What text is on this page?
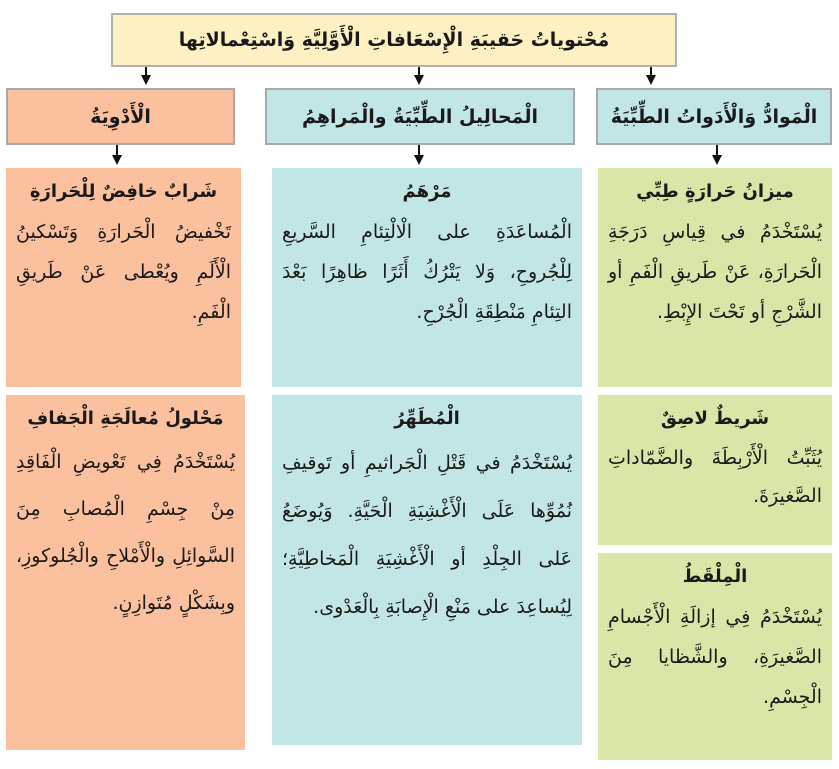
مُحْتوياتُ حَقيبَةِ الْإِسْعَافاتِ الْأَوَّلِيَّةِ وَاسْتِعْمالاتِها
الْأَدْوِيَةُ	الْمَحالِيلُ الطِّبِّيَةُ والْمَراهِمُ	الْمَوادُّ وَالْأَدَواتُ الطِّبِّيَةُ
شَرابٌ خافِضٌ لِلْحَرارَةِ
تَخْفيضُ الْحَرارَةِ وَتَسْكينُ الْأَلَمِ ويُعْطى عَنْ طَريقِ الْفَمِ.
مَحْلولُ مُعالَجَةِ الْجَفافِ
يُسْتَخْدَمُ فِي تَعْويضِ الْفَاقِدِ مِنْ جِسْمِ الْمُصابِ مِنَ السَّوائِلِ والْأَمْلاحِ والْجُلوكوزِ، وبِشَكْلٍ مُتَوازِنٍ.
مَرْهَمُ
الْمُساعَدَةِ على الْالْتِئامِ السَّريعِ لِلْجُروحِ، وَلا يَتْرُكُ أَثَرًا ظاهِرًا بَعْدَ التِئامِ مَنْطِقَةِ الْجُرْحِ.
الْمُطَهِّرُ
يُسْتَخْدَمُ في قَتْلِ الْجَراثيمِ أو تَوقيفِ نُمُوِّها عَلَى الْأَغْشِيَةِ الْحَيَّةِ. وَيُوضَعُ عَلى الجِلْدِ أو الْأَغْشِيَةِ الْمَخاطِيَّةِ؛ لِيُساعِدَ على مَنْعِ الْإِصابَةِ بِالْعَدْوى.
ميزانُ حَرارَةٍ طِبِّي
يُسْتَخْدَمُ في قِياسِ دَرَجَةِ الْحَرارَةِ، عَنْ طَريقِ الْفَمِ أو الشَّرْجِ أو تَحْتَ الإِبْطِ.
شَريطٌ لاصِقٌ
يُثَبِّتُ الْأَرْبِطَةَ والضَّمّاداتِ الصَّغيرَةَ.
الْمِلْقَطُ
يُسْتَخْدَمُ فِي إزالَةِ الْأَجْسامِ الصَّغيرَةِ، والشَّظايا مِنَ الْجِسْمِ.
